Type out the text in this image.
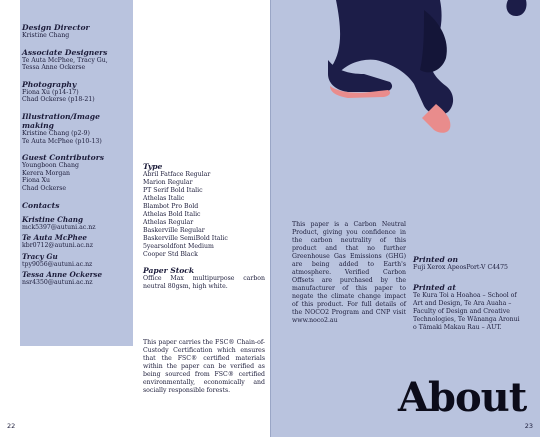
Design Director
Kristine Chang
Associate Designers
Te Auta McPhee, Tracy Gu,
Tessa Anne Ockerse
Photography
Fiona Xu (p14-17)
Chad Ockerse (p18-21)
Illustration/Image making
Kristine Chang (p2-9)
Te Auta McPhee (p10-13)
Guest Contributors
Youngboon Chang
Kerera Morgan
Fiona Xu
Chad Ockerse
Contacts
Kristine Chang
mck5397@autuni.ac.nz
Te Auta McPhee
kbr0712@autuni.ac.nz
Tracy Gu
tpy9056@autuni.ac.nz
Tessa Anne Ockerse
nsr4350@autuni.ac.nz
Type
Abril Fatface Regular
Marion Regular
PT Serif Bold Italic
Athelas Italic
Blambot Pro Bold
Athelas Bold Italic
Athelas Regular
Baskerville Regular
Baskerville SemiBold Italic
5yearsoldfont Medium
Cooper Std Black
Paper Stock
Office Max multipurpose carbon neutral 80gsm, high white.
This paper carries the FSC® Chain-of-Custody Certification which ensures that the FSC® certified materials within the paper can be verified as being sourced from FSC® certified environmentally, economically and socially responsible forests.
22
This paper is a Carbon Neutral Product, giving you confidence in the carbon neutrality of this product and that no further Greenhouse Gas Emissions (GHG) are being added to Earth's atmosphere. Verified Carbon Offsets are purchased by the manufacturer of this paper to negate the climate change impact of this product. For full details of the NOCO2 Program and CNP visit www.noco2.au
Printed on
Fuji Xerox ApeosPort-V C4475
Printed at
Te Kura Toi a Hoahoa – School of Art and Design, Te Ara Auaha – Faculty of Design and Creative Technologies, Te Wānanga Aronui o Tāmaki Makau Rau – AUT.
About
23
